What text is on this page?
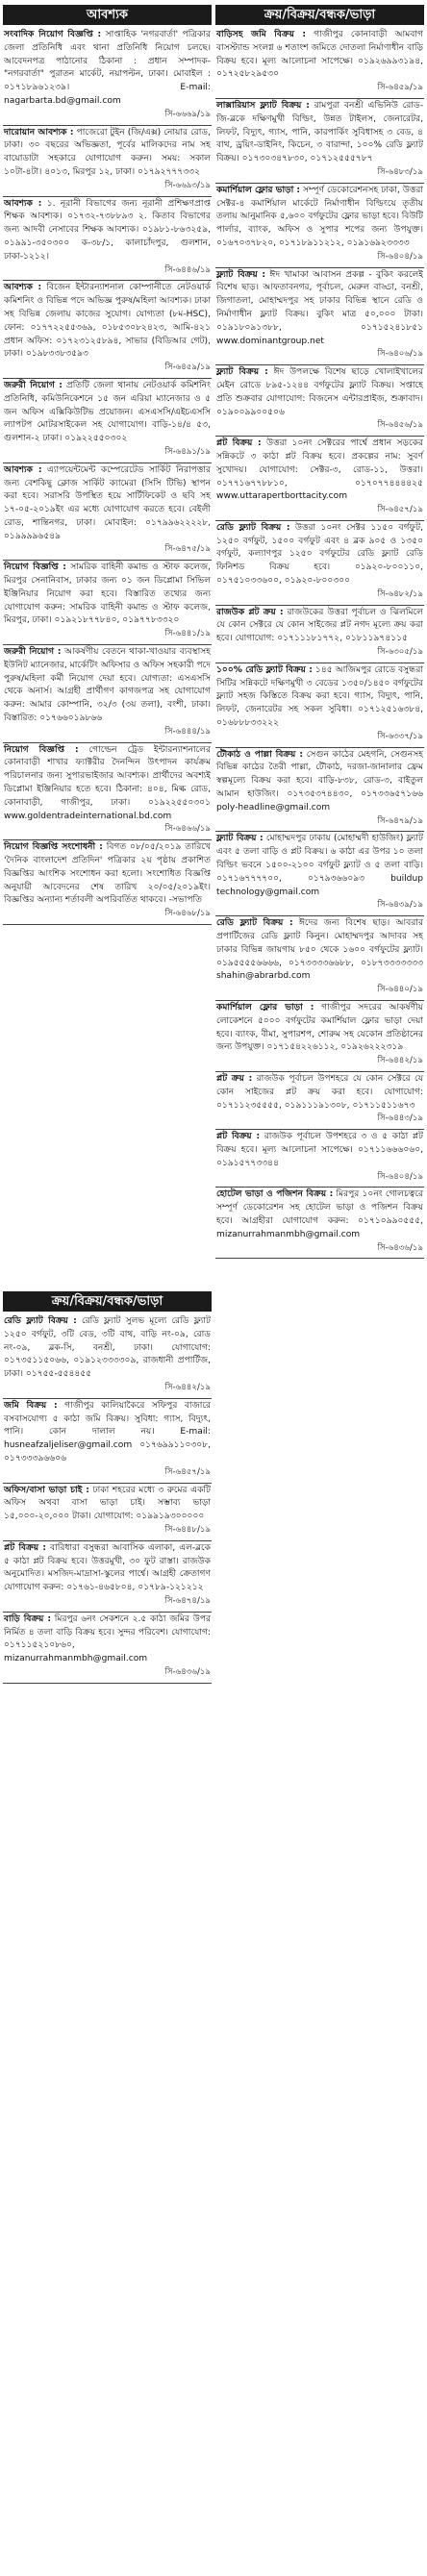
আবশ্যক
সংবাদিক নিয়োগ বিজ্ঞপ্তি : সাপ্তাহিক 'নগরবার্তা' পত্রিকার জেলা প্রতিনিধি এবং থানা প্রতিনিধি নিয়োগ চলছে। আবেদনপত্র পাঠানোর ঠিকানা : প্রধান সম্পাদক- "নগরবার্তা" পুরাতন মার্কেট, নয়াপল্টন, ঢাকা। মোবাইল : ০১৭১৮৯৬১২৩৯। E-mail: nagarbarta.bd@gmail.com
সি-৬৬৬৯/১৯
দারোয়ান আবশ্যক : পাজেরো টুইন (জি/এক্স) নোয়ার রোড, ঢাকা। ৩০ বছরের অভিজ্ঞতা, পূর্বের মালিকদের নাম সহ বায়োডাটা সহকারে যোগাযোগ করুন। সময়: সকাল ১০টা-৪টা। ৪০১৩, মিরপুর ১২, ঢাকা। ০১৭৯২৭৭৭৩৩২
সি-৬৬৯৩/১৯
আবশ্যক : ১. নূরানী বিভাগের জন্য নূরানী প্রশিক্ষণপ্রাপ্ত শিক্ষক আবশ্যক। ০১৭৩২-৭৩৮৮৯৩ ২. কিতাব বিভাগের জন্য আদবী নেসাবের শিক্ষক আবশ্যক। ০১৯৮১-৮৬৩২৫৯, ০১৯৯১-৩৫০৩০০ ক-৩৮/১, কালাচাঁদপুর, গুলশান, ঢাকা-১২১২।
সি-৬৪৪৬/১৯
আবশ্যক : বিজেন ইন্টারন্যাশনাল কোম্পানীতে নেটওয়ার্ক কমিশনিং ও বিভিন্ন পদে অভিজ্ঞ পুরুষ/মহিলা আবশ্যক। ঢাকা সহ বিভিন্ন জেলায় কাজের সুযোগ। যোগ্যতা (৮ম-HSC), ফোন: ০১৭৭২২৫৫৩৬৯, ০১৮৫৩০৮২৪২৩, আমি-৪২১ প্রধান অফিস: ০১৭২৩১২৫৮৯৪, সাভার (বিডিআর গেট), ঢাকা। ০১৯৮৩৩৮৩৫৯৩
সি-৬৪৫৯/১৯
জরুরী নিয়োগ : প্রতিটি জেলা থানায় নেটওয়ার্ক কমিশনিং প্রতিনিধি, কমিউনিকেশনে ১৫ জন এরিয়া ম্যানেজার ও ৫ জন অফিস এক্সিকিউটিভ প্রয়োজন। এসএসসি/এইচএসসি ল্যাপটপ মোটরসাইকেল সহ যোগাযোগ। বাড়ি-১৪/৪ ৫৩, গুলশান-২ ঢাকা। ০১৯২২৫৫০৩০২
সি-৬৪৯১/১৯
আবশ্যক : এ্যাপয়েন্টমেন্ট কম্পেরেটেড সার্কিট নিরাপত্তার জন্য বেশকিছু ক্লোজ সার্কিট ক্যামেরা (সিসি টিভি) স্থাপন করা হবে। সরাসরি উপস্থিত হয়ে সার্টিফিকেট ও ছবি সহ ১৭-০৫-২০১৯ইং এর মধ্যে যোগাযোগ করতে হবে। বেইলী রোড, শান্তিনগর, ঢাকা। মোবাইল: ০১৭৯৯৬২২২২৮, ০১৯৯৯৯৬৫৪৯
সি-৬৪৭৫/১৯
নিয়োগ বিজ্ঞপ্তি : সামরিক বাহিনী কমান্ড ও স্টাফ কলেজ, মিরপুর সেনানিবাস, ঢাকার জন্য ০১ জন ডিপ্লোমা সিভিল ইঞ্জিনিয়ার নিয়োগ করা হবে। বিস্তারিত তথ্যের জন্য যোগাযোগ করুন: সামরিক বাহিনী কমান্ড ও স্টাফ কলেজ, মিরপুর, ঢাকা। ০১৯২১৮৭৭৮৪০, ০১৯৭৭৮৩৩২০
সি-৬৪৪১/১৯
জরুরী নিয়োগ : আকর্ষণীয় বেতনে থাকা-খাওয়ার ব্যবস্থাসহ ইউনিট ম্যানেজার, মার্কেটিং অফিসার ও অফিস সহকারী পদে পুরুষ/মহিলা কর্মী নিয়োগ দেয়া হবে। যোগ্যতা: এসএসসি থেকে অনার্স। আগ্রহী প্রার্থীগণ কাগজপত্র সহ যোগাযোগ করুন: আমার কোম্পানি, ৩২/৩ (৩য় তলা), বংশী, ঢাকা। বিস্তারিত: ০১৭৬৬০১৯৮৬৬
সি-৬৪৪৪/১৯
নিয়োগ বিজ্ঞপ্তি : গোল্ডেন ট্রেড ইন্টারন্যাশনালের কোনাবাড়ী শাখার ফ্যাক্টরীর দৈনন্দিন উৎপাদন কার্যক্রম পরিচালনার জন্য সুপারভাইজার আবশ্যক। প্রার্থীদের অবশ্যই ডিপ্লোমা ইঞ্জিনিয়ার হতে হবে। ঠিকানা: ৪০৪, মিল্ক রোড, কোনাবাড়ী, গাজীপুর, ঢাকা। ০১৯২২৫৫০৩০১ www.goldentradeinternational.bd.com
সি-৬৪৬৬/১৯
নিয়োগ বিজ্ঞপ্তি সংশোধনী : বিগত ০৮/০৫/২০১৯ তারিখে 'দৈনিক বাংলাদেশ প্রতিদিন' পত্রিকার ২য় পৃষ্ঠায় প্রকাশিত বিজ্ঞপ্তির আংশিক সংশোধন করা হলো। সংশোধিত বিজ্ঞপ্তি অনুযায়ী আবেদনের শেষ তারিখ ২০/০৫/২০১৯ইং। বিজ্ঞপ্তির অন্যান্য শর্তাবলী অপরিবর্তিত থাকবে। -সভাপতি
সি-৬৪৬৮/১৯
ক্রয়/বিক্রয়/বন্ধক/ভাড়া
রেডি ফ্ল্যাট বিক্রয় : রেডি ফ্ল্যাট সুলভ মূল্যে রেডি ফ্ল্যাট ১২৫০ বর্গফুট, ৩টি বেড, ৩টি বাথ, বাড়ি নং-০৯, রোড নং-০৯, ব্লক-সি, বনশ্রী, ঢাকা। যোগাযোগ: ০১৭৩৫১১৫০৬৬, ০১৯১২৩৩৩৩০৯, রাজধানী প্রপার্টিজ, ঢাকা। ০১৭৫৫-৫৫৪৪৫৫
সি-৬৪৪২/১৯
জমি বিক্রয় : গাজীপুর কালিয়াকৈরে সফিপুর বাজারে বসবাসযোগ্য ৫ কাঠা জমি বিক্রয়। সুবিধা: গ্যাস, বিদ্যুৎ, পানি। কোন দালাল নয়। E-mail: husneafzaljeliser@gmail.com ০১৭৬৯৯১১০৩০৮, ০১৭৩৩৩৯৬৬০৬
সি-৬৪৫৭/১৯
অফিস/বাসা ভাড়া চাই : ঢাকা শহরের মধ্যে ৩ রুমের একটি অফিস অথবা বাসা ভাড়া চাই। সম্ভাব্য ভাড়া ১৫,০০০-২০,০০০ টাকা। যোগাযোগ: ০১৯৯১৯৩০০০০০
সি-৬৪৪৮/১৯
প্লট বিক্রয় : বারিধারা বসুন্ধরা আবাসিক এলাকা, এল-ব্লকে ৫ কাঠা প্লট বিক্রয় হবে। উত্তরমুখী, ৩০ ফুট রাস্তা। রাজউক অনুমোদিত। মসজিদ-মাদ্রাসা-স্কুলের পার্শ্বে। আগ্রহী ক্রেতাগণ যোগাযোগ করুন: ০১৭৬১-৪৬৫৮০৪, ০১৭৮৯-১২১২১২
সি-৬৪৭৪/১৯
বাড়ি বিক্রয় : মিরপুর ৬নং সেকশনে ২.৫ কাঠা জমির উপর নির্মিত ৪ তলা বাড়ি বিক্রয় হবে। সুন্দর পরিবেশ। যোগাযোগ: ০১৭১১৫২১০৮৬০, mizanurrahmanmbh@gmail.com
সি-৬৪৩৬/১৯
ক্রয়/বিক্রয়/বন্ধক/ভাড়া
বাড়িসহ জমি বিক্রয় : গাজীপুর কোনাবাড়ী আমবাগ বাসস্ট্যান্ড সংলগ্ন ৬ শতাংশ জমিতে দোতলা নির্মাণাধীন বাড়ি বিক্রয় হবে। মূল্য আলোচনা সাপেক্ষে। ০১৯২৬৯৯৩১৯৪, ০১৭২৫৮২৯৫৩০
সি-৬৪৫৯/১৯
লাক্সারিয়াস ফ্ল্যাট বিক্রয় : রামপুরা বনশ্রী এভিনিউ রোড-জি-ব্লকে দক্ষিণমুখী বিল্ডিং, উন্নত টাইলস, জেনারেটর, লিফট, বিদ্যুৎ, গ্যাস, পানি, কারপার্কিং সুবিধাসহ ৩ বেড, ৪ বাথ, ড্রয়িং-ডাইনিং, কিচেন, ৩ বারান্দা, ১০০% রেডি ফ্ল্যাট বিক্রয়। ০১৭৩০৩৪৭৮৩০, ০১৭১২৫৫৫৭৮৭
সি-৬৪৮৩/১৯
কমার্শিয়াল ফ্লোর ভাড়া : সম্পূর্ণ ডেকোরেশনসহ ঢাকা, উত্তরা সেক্টর-৪ কমার্শিয়াল মার্কেটে নির্মাণাধীন বিল্ডিংয়ে তৃতীয় তলায় আনুমানিক ৫,৬০০ বর্গফুটের ফ্লোর ভাড়া হবে। বিউটি পার্লার, ব্যাংক, অফিস ও সুপার শপের জন্য উপযুক্ত। ০১৬৭০৩৭৮২০, ০১৭১৮৯১১২১২, ০১৯১৬৯২৩৩৩৩
সি-৬৪০৪/১৯
ফ্ল্যাট বিক্রয় : ঈদ খামাকা আবাসন প্রকল্প - বুকিং করলেই বিশেষ ছাড়। আফতাবনগর, পূর্বাচল, মেরুল বাড্ডা, বনশ্রী, জিগাতলা, মোহাম্মদপুর সহ ঢাকার বিভিন্ন স্থানে রেডি ও নির্মাণাধীন ফ্ল্যাট বিক্রয়। বুকিং মাত্র ৫০,০০০ টাকা। ০১৯১৮০৯১৩৮৮, ০১৭১৫২৪১৮৫১ www.dominantgroup.net
সি-৬৪০৬/১৯
ফ্ল্যাট বিক্রয় : ঈদ উপলক্ষে বিশেষ ছাড়ে খোলাইখালের মেইন রোডে ৮৯৫-১২৪৪ বর্গফুটের ফ্ল্যাট বিক্রয়। সপ্তাহে প্রতি শুক্রবার যোগাযোগ: বিজনেস এন্টারপ্রাইজ, শুক্রাবাদ। ০১৯০০৯৯০০৫০৬
সি-৬৪৫৬/১৯
প্লট বিক্রয় : উত্তরা ১০নং সেক্টরের পার্শ্বে প্রধান সড়কের সন্নিকটে ৩ কাঠা প্লট বিক্রয় হবে। প্রকল্পের নাম: সুবর্ণ সুখোদয়। যোগাযোগ: সেক্টর-৩, রোড-১১, উত্তরা। ০১৭৭১৬৭৭৮৮১০, ০১৭০৭৭৪৪৪৪২৫ www.uttarapertborttacity.com
সি-৬৪৫৭/১৯
রেডি ফ্ল্যাট বিক্রয় : উত্তরা ১০নং সেক্টর ১১৫০ বর্গফুট, ১২৫০ বর্গফুট, ১৫০০ বর্গফুট এবং ৪ ব্লক ৯০৫ ও ১৩৫০ বর্গফুট, কল্যাণপুর ১২৫০ বর্গফুটের রেডি ফ্ল্যাট রেডি ফিনিশড বিক্রয় হবে। ০১৯২০-৮০০১১০, ০১৭৫১০৩৩৬০০, ০১৯২০-৮০০৩০০
সি-৬৪৮২/১৯
রাজউক প্লট ক্রয় : রাজউকের উত্তরা পূর্বাচল ও ঝিলমিলে যে কোন সেক্টরে যে কোন সাইজের প্লট নগদ মূল্যে ক্রয় করা হবে। যোগাযোগ: ০১৭১১১৮১৭৭২, ০১৮১১৯৭৪১১৫
সি-৬৩০৫/১৯
১০০% রেডি ফ্ল্যাট বিক্রয় : ১৪৫ আজিমপুর রোডে বসুন্ধরা সিটির সন্নিকটে দক্ষিণমুখী ৩ বেডের ১৩৫০/১৪৫০ বর্গফুটের ফ্ল্যাট সহজ কিস্তিতে বিক্রয় করা হবে। গ্যাস, বিদ্যুৎ, পানি, লিফট, জেনারেটর সহ সকল সুবিধা। ০১৭১২৫১৬৩৮৪, ০১৬৮৮৮৩৩২২২
সি-৬৩৩৭/১৯
টৌকাঠ ও পাল্লা বিক্রয় : সেগুন কাঠের মেহগনি, সেগুনসহ বিভিন্ন কাঠের তৈরী পাল্লা, টৌকাঠ, দরজা-জানালার ফ্রেম স্বল্পমূল্যে বিক্রয় করা হবে। বাড়ি-৮৩৮, রোড-৩, বাইতুল আমান হাউজিং। ০১৭৩৫৩৭৪৪৩০, ০১৭৩৩৬৫৭১৬৬ poly-headline@gmail.com
সি-৬৪৭৯/১৯
ফ্ল্যাট বিক্রয় : মোহাম্মদপুর ঢাকায় (মোহাম্মদী হাউজিং) ফ্ল্যাট এবং ৫ তলা বাড়ি ও প্লট বিক্রয়। ৬ কাঠা এর উপর ১০ তলা বিল্ডিং ভবনে ১৫০০-২১০০ বর্গফুট ফ্ল্যাট ও ৫ তলা বাড়ি। ০১৭১৬৭৭৭৭০০, ০১৭৯৩৬৬০৯৩ buildup technology@gmail.com
সি-৬৪৩৯/১৯
রেডি ফ্ল্যাট বিক্রয় : ঈদের জন্য বিশেষ ছাড়। আবরার প্রপার্টিজের রেডি ফ্ল্যাট কিনুন। মোহাম্মদপুর আদাবর সহ ঢাকার বিভিন্ন জায়গায় ৮৫০ থেকে ১৬০০ বর্গফুটের ফ্ল্যাট। ০১৯৫৫৫৫৬৬৬৬, ০১৭৩৩৩৩৬৬৮৮, ০১৮৭৩৩৩৩৩৩৩ shahin@abrarbd.com
সি-৬৪৪০/১৯
কমার্শিয়াল ফ্লোর ভাড়া : গাজীপুর সদরের আকর্ষণীয় লোকেশনে ৫০০০ বর্গফুটের কমার্শিয়াল ফ্লোর ভাড়া দেয়া হবে। ব্যাংক, বীমা, সুপারশপ, শোরুম সহ যেকোন প্রতিষ্ঠানের জন্য উপযুক্ত। ০১৭১৫৪২২৬১১২, ০১৯২৬২২২৩১৯
সি-৬৪৪২/১৯
প্লট ক্রয় : রাজউক পূর্বাচল উপশহরে যে কোন সেক্টরে যে কোন সাইজের প্লট ক্রয় করা হবে। যোগাযোগ: ০১৭১১২৩৫৫৫৫, ০১৯১১১৯১৩০৮, ০১৭১১৫১১৬৭৩
সি-৬৪৪৩/১৯
প্লট বিক্রয় : রাজউক পূর্বাচল উপশহরে ৩ ও ৫ কাঠা প্লট বিক্রয় হবে। মূল্য আলোচনা সাপেক্ষে। ০১৭১১৬৬৬০৬০, ০১৯১৫৭৭৩৩৪৪
সি-৬৪০৪/১৯
হোটেল ভাড়া ও পজিশন বিক্রয় : মিরপুর ১০নং গোলচত্বরে সম্পূর্ণ ডেকোরেশন সহ হোটেল ভাড়া ও পজিশন বিক্রয় হবে। আগ্রহীরা যোগাযোগ করুন: ০১৭১০৯৯০৫৫৫, mizanurrahmanmbh@gmail.com
সি-৬৪৩৬/১৯
